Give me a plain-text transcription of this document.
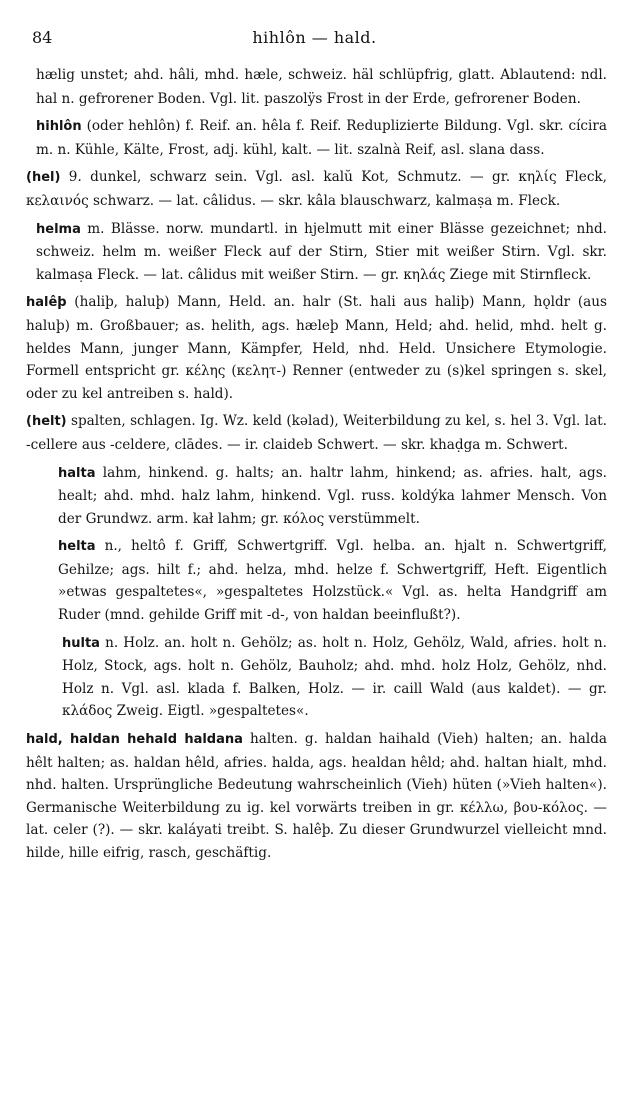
84	hihlôn — hald.

hælig unstet; ahd. hâli, mhd. hæle, schweiz. häl schlüpfrig, glatt. Ablautend: ndl. hal n. gefrorener Boden. Vgl. lit. paszolÿs Frost in der Erde, gefrorener Boden.

hihlôn (oder hehlôn) f. Reif. an. hêla f. Reif. Reduplizierte Bildung. Vgl. skr. cícira m. n. Kühle, Kälte, Frost, adj. kühl, kalt. — lit. szalnà Reif, asl. slana dass.

(hel) 9. dunkel, schwarz sein. Vgl. asl. kalŭ Kot, Schmutz. — gr. κηλίς Fleck, κελαινός schwarz. — lat. câlidus. — skr. kâla blauschwarz, kalmaṣa m. Fleck.

helma m. Blässe. norw. mundartl. in hjelmutt mit einer Blässe gezeichnet; nhd. schweiz. helm m. weißer Fleck auf der Stirn, Stier mit weißer Stirn. Vgl. skr. kalmaṣa Fleck. — lat. câlidus mit weißer Stirn. — gr. κηλάς Ziege mit Stirnfleck.

halêþ (haliþ, haluþ) Mann, Held. an. halr (St. hali aus haliþ) Mann, hǫldr (aus haluþ) m. Großbauer; as. helith, ags. hæleþ Mann, Held; ahd. helid, mhd. helt g. heldes Mann, junger Mann, Kämpfer, Held, nhd. Held. Unsichere Etymologie. Formell entspricht gr. κέλης (κελητ-) Renner (entweder zu (s)kel springen s. skel, oder zu kel antreiben s. hald).

(helt) spalten, schlagen. Ig. Wz. keld (kəlad), Weiterbildung zu kel, s. hel 3. Vgl. lat. -cellere aus -celdere, clādes. — ir. claideb Schwert. — skr. khaḍga m. Schwert.

halta lahm, hinkend. g. halts; an. haltr lahm, hinkend; as. afries. halt, ags. healt; ahd. mhd. halz lahm, hinkend. Vgl. russ. koldýka lahmer Mensch. Von der Grundwz. arm. kał lahm; gr. κόλος verstümmelt.

helta n., heltô f. Griff, Schwertgriff. Vgl. helba. an. hjalt n. Schwertgriff, Gehilze; ags. hilt f.; ahd. helza, mhd. helze f. Schwertgriff, Heft. Eigentlich »etwas gespaltetes«, »gespaltetes Holzstück.« Vgl. as. helta Handgriff am Ruder (mnd. gehilde Griff mit -d-, von haldan beeinflußt?).

hulta n. Holz. an. holt n. Gehölz; as. holt n. Holz, Gehölz, Wald, afries. holt n. Holz, Stock, ags. holt n. Gehölz, Bauholz; ahd. mhd. holz Holz, Gehölz, nhd. Holz n. Vgl. asl. klada f. Balken, Holz. — ir. caill Wald (aus kaldet). — gr. κλάδος Zweig. Eigtl. »gespaltetes«.

hald, haldan hehald haldana halten. g. haldan haihald (Vieh) halten; an. halda hêlt halten; as. haldan hêld, afries. halda, ags. healdan hêld; ahd. haltan hialt, mhd. nhd. halten. Ursprüngliche Bedeutung wahrscheinlich (Vieh) hüten (»Vieh halten«). Germanische Weiterbildung zu ig. kel vorwärts treiben in gr. κέλλω, βου-κόλος. — lat. celer (?). — skr. kaláyati treibt. S. halêþ. Zu dieser Grundwurzel vielleicht mnd. hilde, hille eifrig, rasch, geschäftig.
